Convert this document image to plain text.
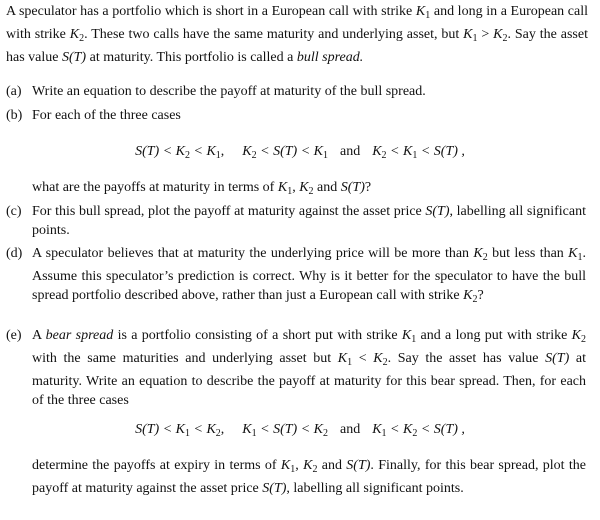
A speculator has a portfolio which is short in a European call with strike $K_1$ and long in a European call with strike $K_2$. These two calls have the same maturity and underlying asset, but $K_1 > K_2$. Say the asset has value S(T) at maturity. This portfolio is called a bull spread.

(a) Write an equation to describe the payoff at maturity of the bull spread.
(b) For each of the three cases
$S(T) < K_2 < K_1$, $K_2 < S(T) < K_1$ and $K_2 < K_1 < S(T)$ ,
what are the payoffs at maturity in terms of $K_1$, $K_2$ and S(T)?
(c) For this bull spread, plot the payoff at maturity against the asset price S(T), labelling all significant points.
(d) A speculator believes that at maturity the underlying price will be more than $K_2$ but less than $K_1$. Assume this speculator’s prediction is correct. Why is it better for the speculator to have the bull spread portfolio described above, rather than just a European call with strike $K_2$?
(e) A bear spread is a portfolio consisting of a short put with strike $K_1$ and a long put with strike $K_2$ with the same maturities and underlying asset but $K_1 < K_2$. Say the asset has value S(T) at maturity. Write an equation to describe the payoff at maturity for this bear spread. Then, for each of the three cases
$S(T) < K_1 < K_2$, $K_1 < S(T) < K_2$ and $K_1 < K_2 < S(T)$ ,
determine the payoffs at expiry in terms of $K_1$, $K_2$ and S(T). Finally, for this bear spread, plot the payoff at maturity against the asset price S(T), labelling all significant points.
